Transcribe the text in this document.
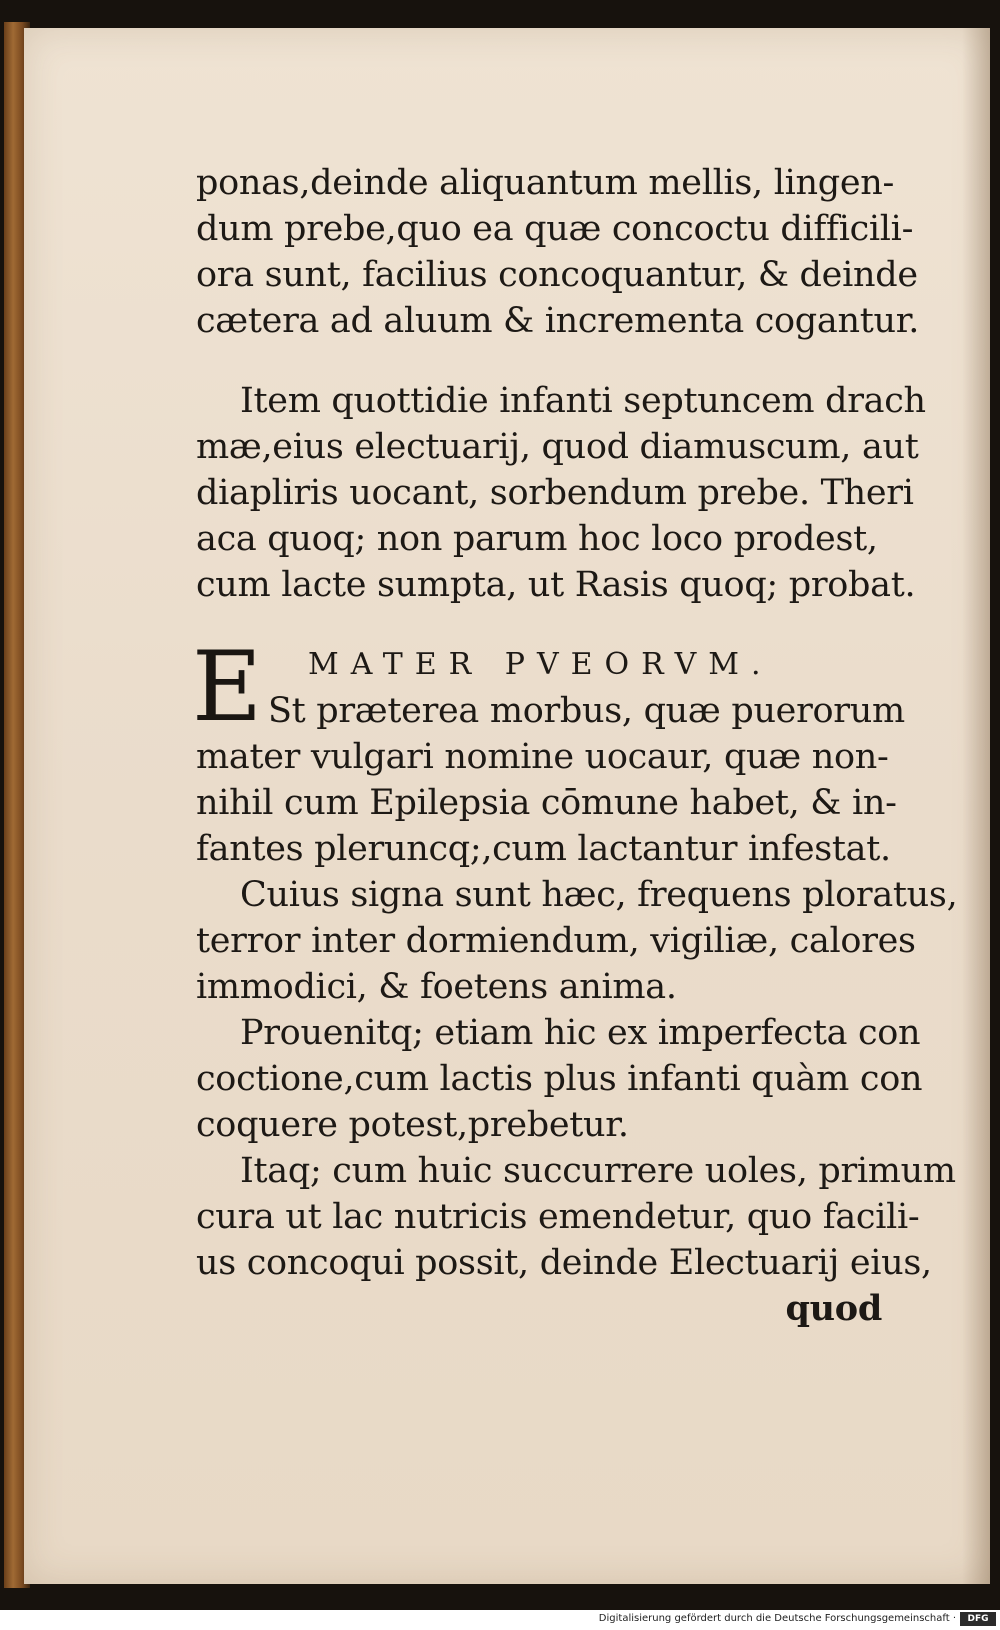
ponas,deinde aliquantum mellis, lingen-
dum prebe,quo ea quæ concoctu difficili-
ora sunt, facilius concoquantur, & deinde
cætera ad aluum & incrementa cogantur.
Item quottidie infanti septuncem drach
mæ,eius electuarij, quod diamuscum, aut
diapliris uocant, sorbendum prebe. Theri
aca quoq; non parum hoc loco prodest,
cum lacte sumpta, ut Rasis quoq; probat.
E MATER PVEORVM.
St præterea morbus, quæ puerorum
mater vulgari nomine uocaur, quæ non-
nihil cum Epilepsia cōmune habet, & in-
fantes pleruncq;,cum lactantur infestat.
Cuius signa sunt hæc, frequens ploratus,
terror inter dormiendum, vigiliæ, calores
immodici, & foetens anima.
Prouenitq; etiam hic ex imperfecta con
coctione,cum lactis plus infanti quàm con
coquere potest,prebetur.
Itaq; cum huic succurrere uoles, primum
cura ut lac nutricis emendetur, quo facili-
us concoqui possit, deinde Electuarij eius,
quod
Digitalisierung gefördert durch die Deutsche Forschungsgemeinschaft ·	DFG
